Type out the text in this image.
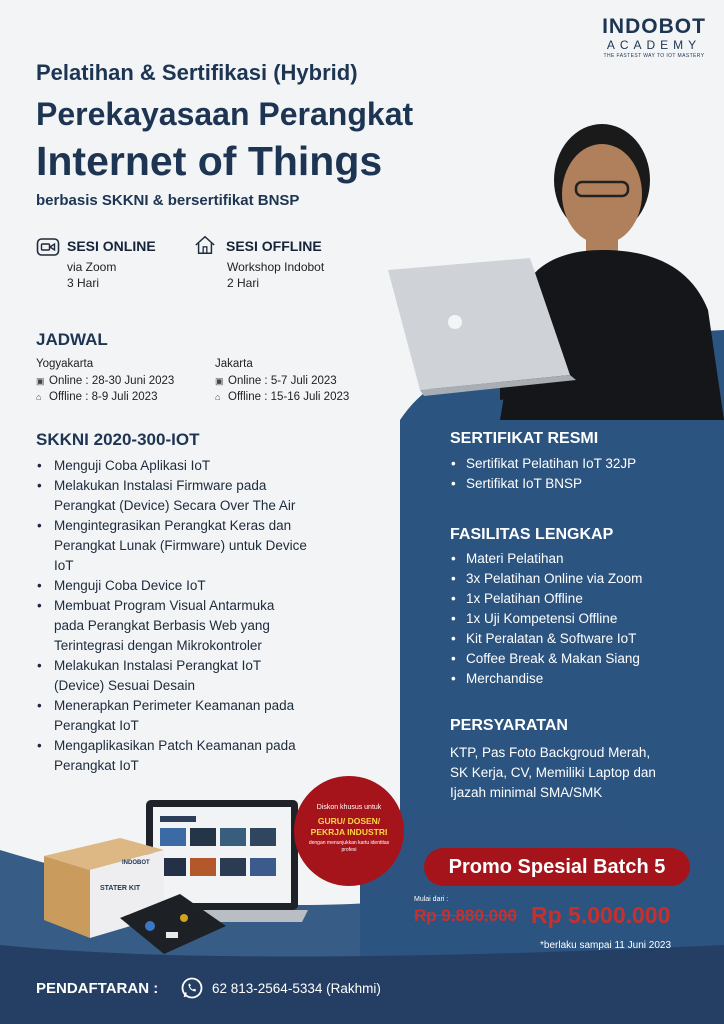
INDOBOT
ACADEMY
THE FASTEST WAY TO IOT MASTERY
Pelatihan & Sertifikasi (Hybrid)
Perekayasaan Perangkat
Internet of Things
berbasis SKKNI & bersertifikat BNSP
SESI ONLINE
via Zoom
3 Hari
SESI OFFLINE
Workshop Indobot
2 Hari
JADWAL
Yogyakarta
▣ Online : 28-30 Juni 2023
⌂ Offline : 8-9 Juli 2023
Jakarta
▣ Online : 5-7 Juli 2023
⌂ Offline : 15-16 Juli 2023
SKKNI 2020-300-IOT
• Menguji Coba Aplikasi IoT
• Melakukan Instalasi Firmware pada
Perangkat (Device) Secara Over The Air
• Mengintegrasikan Perangkat Keras dan
Perangkat Lunak (Firmware) untuk Device
IoT
• Menguji Coba Device IoT
• Membuat Program Visual Antarmuka
pada Perangkat Berbasis Web yang
Terintegrasi dengan Mikrokontroler
• Melakukan Instalasi Perangkat IoT
(Device) Sesuai Desain
• Menerapkan Perimeter Keamanan pada
Perangkat IoT
• Mengaplikasikan Patch Keamanan pada
Perangkat IoT
SERTIFIKAT RESMI
• Sertifikat Pelatihan IoT 32JP
• Sertifikat IoT BNSP
FASILITAS LENGKAP
• Materi Pelatihan
• 3x Pelatihan Online via Zoom
• 1x Pelatihan Offline
• 1x Uji Kompetensi Offline
• Kit Peralatan & Software IoT
• Coffee Break & Makan Siang
• Merchandise
PERSYARATAN
KTP, Pas Foto Backgroud Merah,
SK Kerja, CV, Memiliki Laptop dan
Ijazah minimal SMA/SMK
INDOBOT
STATER KIT
Diskon khusus untuk
GURU/ DOSEN/
PEKRJA INDUSTRI
dengan menunjukkan kartu identitas profesi
Promo Spesial Batch 5
Mulai dari :
Rp 9.880.000 Rp 5.000.000
*berlaku sampai 11 Juni 2023
PENDAFTARAN :	62 813-2564-5334 (Rakhmi)
